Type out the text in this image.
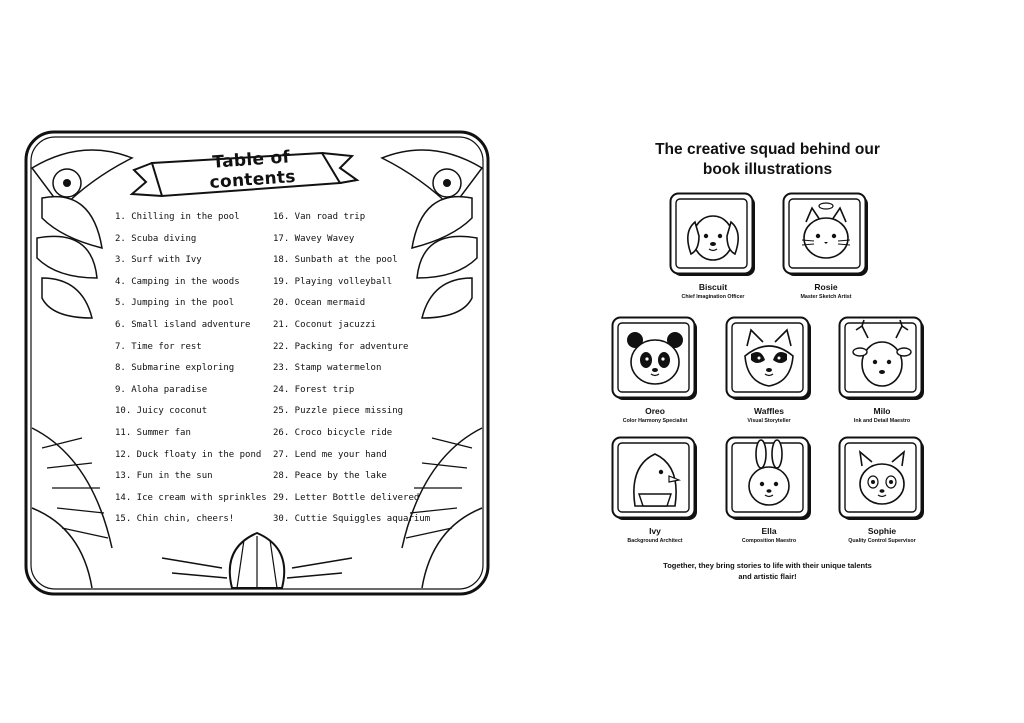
Table of contents
1. Chilling in the pool
2. Scuba diving
3. Surf with Ivy
4. Camping in the woods
5. Jumping in the pool
6. Small island adventure
7. Time for rest
8. Submarine exploring
9. Aloha paradise
10. Juicy coconut
11. Summer fan
12. Duck floaty in the pond
13. Fun in the sun
14. Ice cream with sprinkles
15. Chin chin, cheers!
16. Van road trip
17. Wavey Wavey
18. Sunbath at the pool
19. Playing volleyball
20. Ocean mermaid
21. Coconut jacuzzi
22. Packing for adventure
23. Stamp watermelon
24. Forest trip
25. Puzzle piece missing
26. Croco bicycle ride
27. Lend me your hand
28. Peace by the lake
29. Letter Bottle delivered
30. Cuttie Squiggles aquarium
The creative squad behind our
book illustrations
Biscuit
Chief Imagination Officer
Rosie
Master Sketch Artist
Oreo
Color Harmony Specialist
Waffles
Visual Storyteller
Milo
Ink and Detail Maestro
Ivy
Background Architect
Ella
Composition Maestro
Sophie
Quality Control Supervisor
Together, they bring stories to life with their unique talents
and artistic flair!
